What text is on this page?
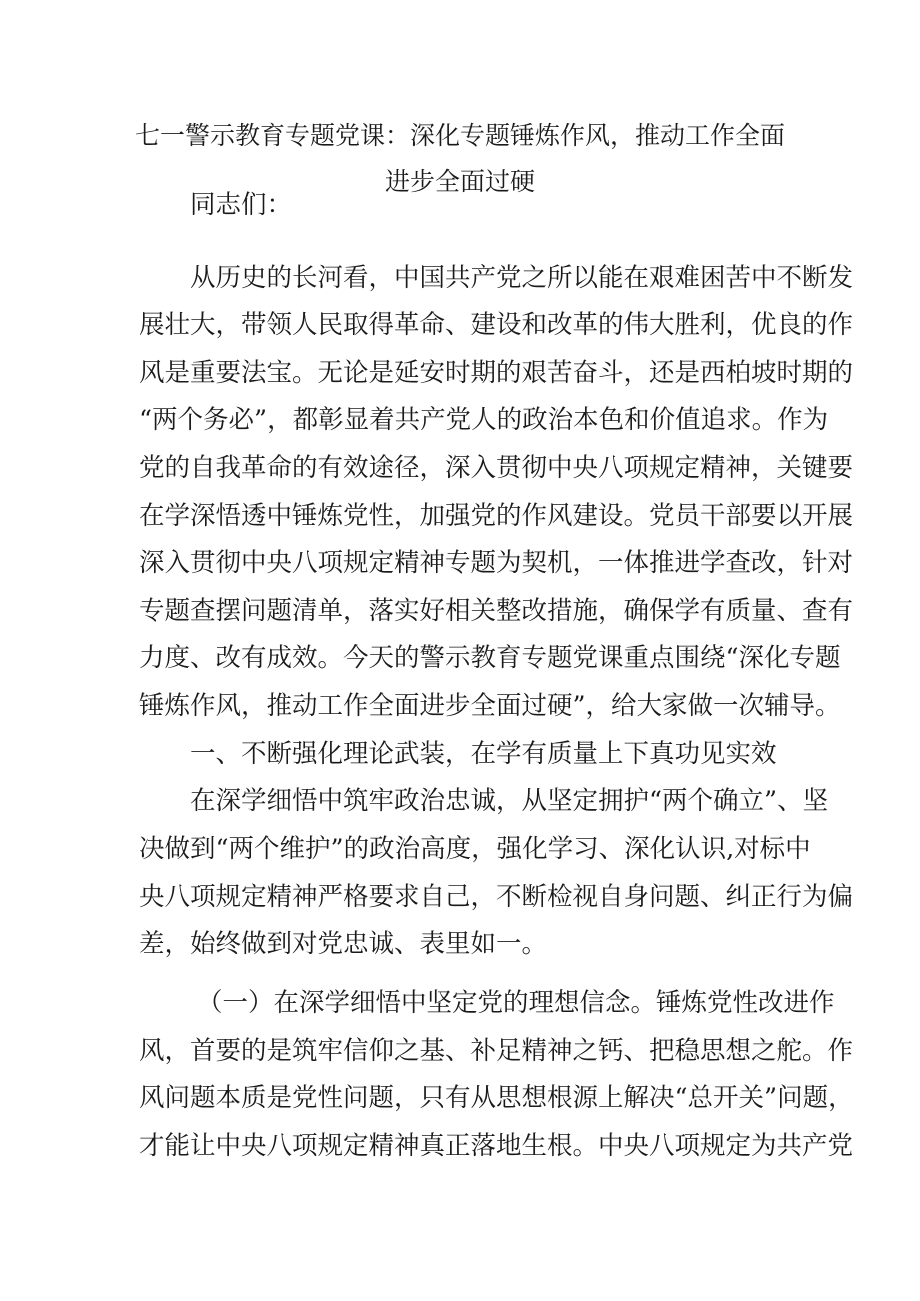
七一警示教育专题党课：深化专题锤炼作风，推动工作全面
进步全面过硬
同志们：
从历史的长河看，中国共产党之所以能在艰难困苦中不断发
展壮大，带领人民取得革命、建设和改革的伟大胜利，优良的作
风是重要法宝。无论是延安时期的艰苦奋斗，还是西柏坡时期的
“两个务必”，都彰显着共产党人的政治本色和价值追求。作为
党的自我革命的有效途径，深入贯彻中央八项规定精神，关键要
在学深悟透中锤炼党性，加强党的作风建设。党员干部要以开展
深入贯彻中央八项规定精神专题为契机，一体推进学查改，针对
专题查摆问题清单，落实好相关整改措施，确保学有质量、查有
力度、改有成效。今天的警示教育专题党课重点围绕“深化专题
锤炼作风，推动工作全面进步全面过硬”，给大家做一次辅导。
一、不断强化理论武装，在学有质量上下真功见实效
在深学细悟中筑牢政治忠诚，从坚定拥护“两个确立”、坚
决做到“两个维护”的政治高度，强化学习、深化认识,对标中
央八项规定精神严格要求自己，不断检视自身问题、纠正行为偏
差，始终做到对党忠诚、表里如一。
（一）在深学细悟中坚定党的理想信念。锤炼党性改进作
风，首要的是筑牢信仰之基、补足精神之钙、把稳思想之舵。作
风问题本质是党性问题，只有从思想根源上解决“总开关”问题，
才能让中央八项规定精神真正落地生根。中央八项规定为共产党
